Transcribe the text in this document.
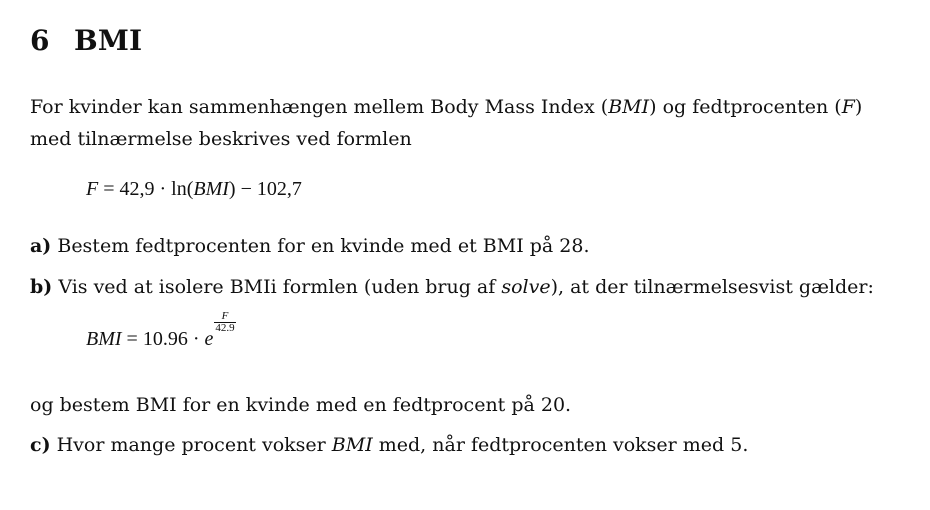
6 BMI
For kvinder kan sammenhængen mellem Body Mass Index (BMI) og fedtprocenten (F)
med tilnærmelse beskrives ved formlen
F = 42,9 · ln(BMI) − 102,7
a) Bestem fedtprocenten for en kvinde med et BMI på 28.
b) Vis ved at isolere BMIi formlen (uden brug af solve), at der tilnærmelsesvist gælder:
BMI = 10.96 · e
$\frac{F}{42.9}$
og bestem BMI for en kvinde med en fedtprocent på 20.
c) Hvor mange procent vokser BMI med, når fedtprocenten vokser med 5.
